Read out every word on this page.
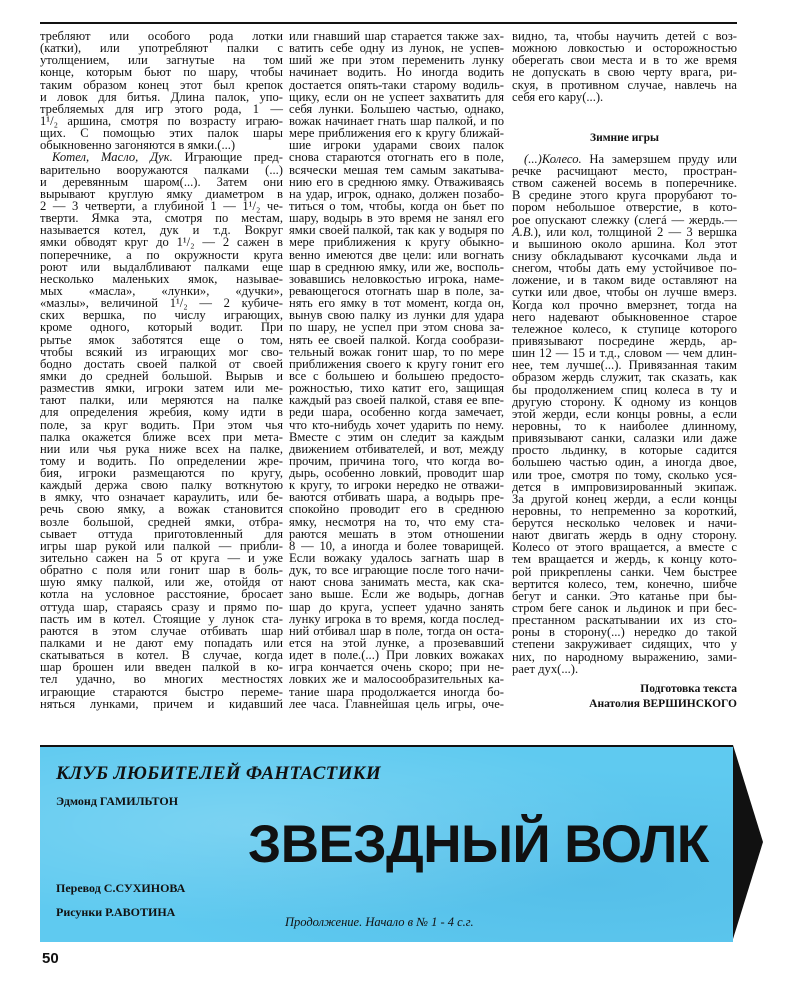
требляют или особого рода лотки
(катки), или употребляют палки с
утолщением, или загнутые на том
конце, которым бьют по шару, чтобы
таким образом конец этот был крепок
и ловок для битья. Длина палок, упо-
требляемых для игр этого рода, 1 —
1¹/₂ аршина, смотря по возрасту играю-
щих. С помощью этих палок шары
обыкновенно загоняются в ямки.(...)
Котел, Масло, Дук. Играющие пред-
варительно вооружаются палками (...)
и деревянным шаром(...). Затем они
вырывают круглую ямку диаметром в
2 — 3 четверти, а глубиной 1 — 1¹/₂ че-
тверти. Ямка эта, смотря по местам,
называется котел, дук и т.д. Вокруг
ямки обводят круг до 1¹/₂ — 2 сажен в
поперечнике, а по окружности круга
роют или выдалбливают палками еще
несколько маленьких ямок, называе-
мых «масла», «лунки», «дучки»,
«мазлы», величиной 1¹/₂ — 2 кубиче-
ских вершка, по числу играющих,
кроме одного, который водит. При
рытье ямок заботятся еще о том,
чтобы всякий из играющих мог сво-
бодно достать своей палкой от своей
ямки до средней большой. Вырыв и
разместив ямки, игроки затем или ме-
тают палки, или меряются на палке
для определения жребия, кому идти в
поле, за круг водить. При этом чья
палка окажется ближе всех при мета-
нии или чья рука ниже всех на палке,
тому и водить. По определении жре-
бия, игроки размещаются по кругу,
каждый держа свою палку воткнутою
в ямку, что означает караулить, или бе-
речь свою ямку, а вожак становится
возле большой, средней ямки, отбра-
сывает оттуда приготовленный для
игры шар рукой или палкой — прибли-
зительно сажен на 5 от круга — и уже
обратно с поля или гонит шар в боль-
шую ямку палкой, или же, отойдя от
котла на условное расстояние, бросает
оттуда шар, стараясь сразу и прямо по-
пасть им в котел. Стоящие у лунок ста-
раются в этом случае отбивать шар
палками и не дают ему попадать или
скатываться в котел. В случае, когда
шар брошен или введен палкой в ко-
тел удачно, во многих местностях
играющие стараются быстро переме-
няться лунками, причем и кидавший
или гнавший шар старается также зах-
ватить себе одну из лунок, не успев-
ший же при этом переменить лунку
начинает водить. Но иногда водить
достается опять-таки старому водиль-
щику, если он не успеет захватить для
себя лунки. Большею частью, однако,
вожак начинает гнать шар палкой, и по
мере приближения его к кругу ближай-
шие игроки ударами своих палок
снова стараются отогнать его в поле,
всячески мешая тем самым закатыва-
нию его в среднюю ямку. Отваживаясь
на удар, игрок, однако, должен позабо-
титься о том, чтобы, когда он бьет по
шару, водырь в это время не занял его
ямки своей палкой, так как у водыря по
мере приближения к кругу обыкно-
венно имеются две цели: или вогнать
шар в среднюю ямку, или же, восполь-
зовавшись неловкостью игрока, наме-
ревающегося отогнать шар в поле, за-
нять его ямку в тот момент, когда он,
вынув свою палку из лунки для удара
по шару, не успел при этом снова за-
нять ее своей палкой. Когда сообрази-
тельный вожак гонит шар, то по мере
приближения своего к кругу гонит его
все с большею и большею предосто-
рожностью, тихо катит его, защищая
каждый раз своей палкой, ставя ее впе-
реди шара, особенно когда замечает,
что кто-нибудь хочет ударить по нему.
Вместе с этим он следит за каждым
движением отбивателей, и вот, между
прочим, причина того, что когда во-
дырь, особенно ловкий, проводит шар
к кругу, то игроки нередко не отважи-
ваются отбивать шара, а водырь пре-
спокойно проводит его в среднюю
ямку, несмотря на то, что ему ста-
раются мешать в этом отношении
8 — 10, а иногда и более товарищей.
Если вожаку удалось загнать шар в
дук, то все играющие после того начи-
нают снова занимать места, как ска-
зано выше. Если же водырь, догнав
шар до круга, успеет удачно занять
лунку игрока в то время, когда послед-
ний отбивал шар в поле, тогда он оста-
ется на этой лунке, а прозевавший
идет в поле.(...) При ловких вожаках
игра кончается очень скоро; при не-
ловких же и малосообразительных ка-
тание шара продолжается иногда бо-
лее часа. Главнейшая цель игры, оче-
видно, та, чтобы научить детей с воз-
можною ловкостью и осторожностью
оберегать свои места и в то же время
не допускать в свою черту врага, ри-
скуя, в противном случае, навлечь на
себя его кару(...).
Зимние игры
(...)Колесо. На замерзшем пруду или
речке расчищают место, простран-
ством саженей восемь в поперечнике.
В средине этого круга прорубают то-
пором небольшое отверстие, в кото-
рое опускают слежку (слегá — жердь.—
А.В.), или кол, толщиной 2 — 3 вершка
и вышиною около аршина. Кол этот
снизу обкладывают кусочками льда и
снегом, чтобы дать ему устойчивое по-
ложение, и в таком виде оставляют на
сутки или двое, чтобы он лучше вмерз.
Когда кол прочно вмерзнет, тогда на
него надевают обыкновенное старое
тележное колесо, к ступице которого
привязывают посредине жердь, ар-
шин 12 — 15 и т.д., словом — чем длин-
нее, тем лучше(...). Привязанная таким
образом жердь служит, так сказать, как
бы продолжением спиц колеса в ту и
другую сторону. К одному из концов
этой жерди, если концы ровны, а если
неровны, то к наиболее длинному,
привязывают санки, салазки или даже
просто льдинку, в которые садится
большею частью один, а иногда двое,
или трое, смотря по тому, сколько уся-
дется в импровизированный экипаж.
За другой конец жерди, а если концы
неровны, то непременно за короткий,
берутся несколько человек и начи-
нают двигать жердь в одну сторону.
Колесо от этого вращается, а вместе с
тем вращается и жердь, к концу кото-
рой прикреплены санки. Чем быстрее
вертится колесо, тем, конечно, шибче
бегут и санки. Это катанье при бы-
стром беге санок и льдинок и при бес-
престанном раскатывании их из сто-
роны в сторону(...) нередко до такой
степени закруживает сидящих, что у
них, по народному выражению, зами-
рает дух(...).
Подготовка текста
Анатолия ВЕРШИНСКОГО
КЛУБ ЛЮБИТЕЛЕЙ ФАНТАСТИКИ
Эдмонд ГАМИЛЬТОН
ЗВЕЗДНЫЙ ВОЛК
Перевод С.СУХИНОВА
Рисунки Р.АВОТИНА
Продолжение. Начало в № 1 - 4 с.г.
50
